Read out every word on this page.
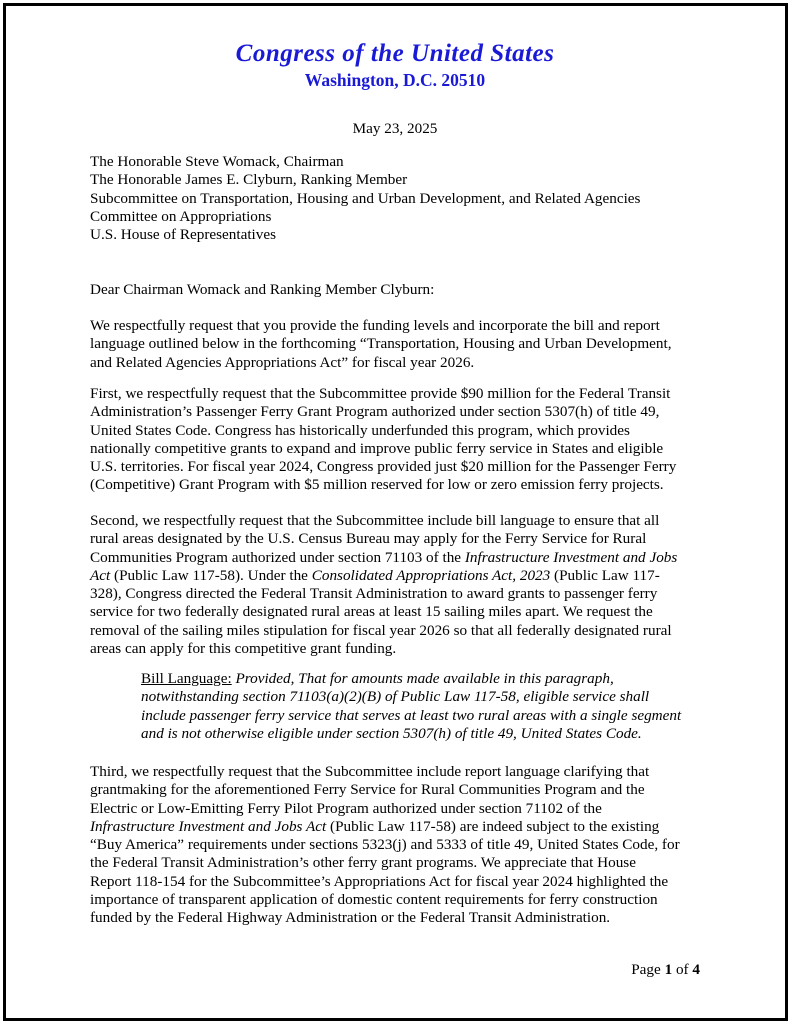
Congress of the United States
Washington, D.C. 20510
May 23, 2025
The Honorable Steve Womack, Chairman
The Honorable James E. Clyburn, Ranking Member
Subcommittee on Transportation, Housing and Urban Development, and Related Agencies
Committee on Appropriations
U.S. House of Representatives
Dear Chairman Womack and Ranking Member Clyburn:
We respectfully request that you provide the funding levels and incorporate the bill and report
language outlined below in the forthcoming “Transportation, Housing and Urban Development,
and Related Agencies Appropriations Act” for fiscal year 2026.
First, we respectfully request that the Subcommittee provide $90 million for the Federal Transit
Administration’s Passenger Ferry Grant Program authorized under section 5307(h) of title 49,
United States Code. Congress has historically underfunded this program, which provides
nationally competitive grants to expand and improve public ferry service in States and eligible
U.S. territories. For fiscal year 2024, Congress provided just $20 million for the Passenger Ferry
(Competitive) Grant Program with $5 million reserved for low or zero emission ferry projects.
Second, we respectfully request that the Subcommittee include bill language to ensure that all
rural areas designated by the U.S. Census Bureau may apply for the Ferry Service for Rural
Communities Program authorized under section 71103 of the Infrastructure Investment and Jobs
Act (Public Law 117-58). Under the Consolidated Appropriations Act, 2023 (Public Law 117-
328), Congress directed the Federal Transit Administration to award grants to passenger ferry
service for two federally designated rural areas at least 15 sailing miles apart. We request the
removal of the sailing miles stipulation for fiscal year 2026 so that all federally designated rural
areas can apply for this competitive grant funding.
Bill Language: Provided, That for amounts made available in this paragraph,
notwithstanding section 71103(a)(2)(B) of Public Law 117-58, eligible service shall
include passenger ferry service that serves at least two rural areas with a single segment
and is not otherwise eligible under section 5307(h) of title 49, United States Code.
Third, we respectfully request that the Subcommittee include report language clarifying that
grantmaking for the aforementioned Ferry Service for Rural Communities Program and the
Electric or Low-Emitting Ferry Pilot Program authorized under section 71102 of the
Infrastructure Investment and Jobs Act (Public Law 117-58) are indeed subject to the existing
“Buy America” requirements under sections 5323(j) and 5333 of title 49, United States Code, for
the Federal Transit Administration’s other ferry grant programs. We appreciate that House
Report 118-154 for the Subcommittee’s Appropriations Act for fiscal year 2024 highlighted the
importance of transparent application of domestic content requirements for ferry construction
funded by the Federal Highway Administration or the Federal Transit Administration.
Page 1 of 4
